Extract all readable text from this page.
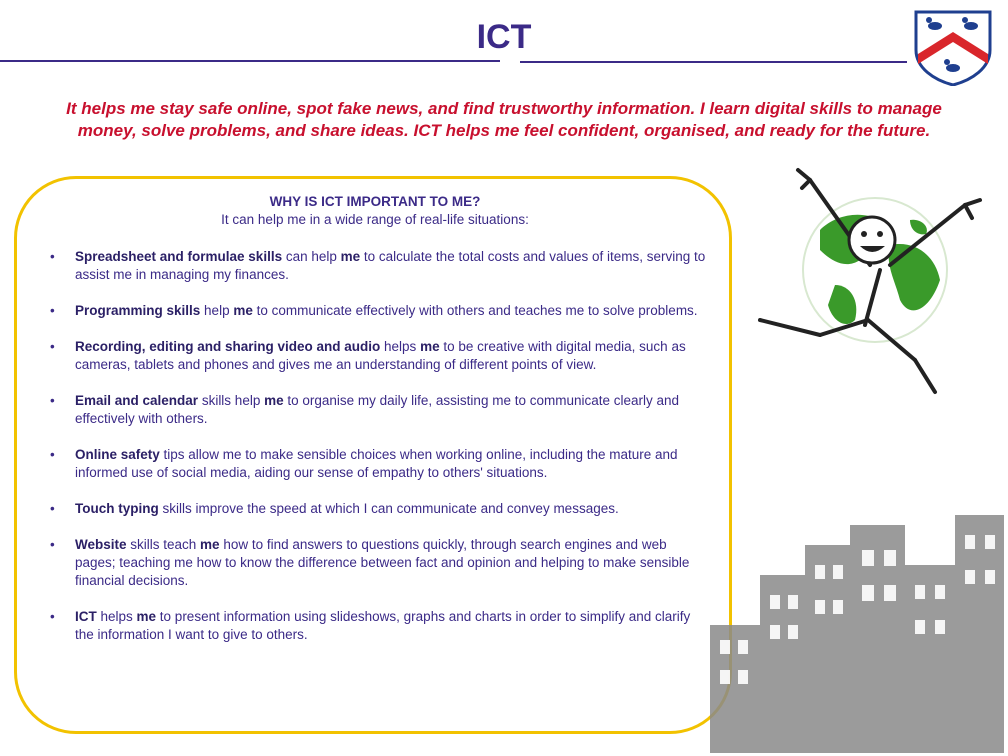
ICT

It helps me stay safe online, spot fake news, and find trustworthy information. I learn digital skills to manage

money, solve problems, and share ideas. ICT helps me feel confident, organised, and ready for the future.

WHY IS ICT IMPORTANT TO ME?
It can help me in a wide range of real-life situations:
• Spreadsheet and formulae skills can help me to calculate the total costs and values of items, serving to assist me in managing my finances.
• Programming skills help me to communicate effectively with others and teaches me to solve problems.
• Recording, editing and sharing video and audio helps me to be creative with digital media, such as cameras, tablets and phones and gives me an understanding of different points of view.
• Email and calendar skills help me to organise my daily life, assisting me to communicate clearly and effectively with others.
• Online safety tips allow me to make sensible choices when working online, including the mature and informed use of social media, aiding our sense of empathy to others' situations.
• Touch typing skills improve the speed at which I can communicate and convey messages.
• Website skills teach me how to find answers to questions quickly, through search engines and web pages; teaching me how to know the difference between fact and opinion and helping to make sensible financial decisions.
• ICT helps me to present information using slideshows, graphs and charts in order to simplify and clarify the information I want to give to others.
